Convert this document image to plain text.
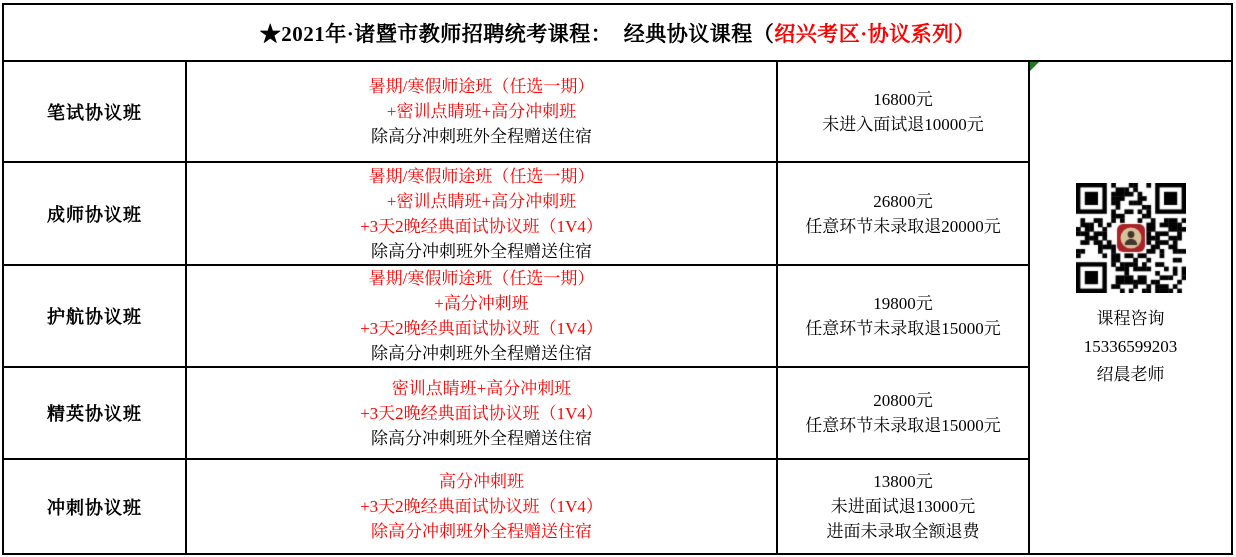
★2021年·诸暨市教师招聘统考课程：  经典协议课程（ 绍兴考区·协议系列）
笔试协议班
暑期/寒假师途班（任选一期）
+密训点睛班+高分冲刺班
除高分冲刺班外全程赠送住宿
16800元
未进入面试退10000元
成师协议班
暑期/寒假师途班（任选一期）
+密训点睛班+高分冲刺班
+3天2晚经典面试协议班（1V4）
除高分冲刺班外全程赠送住宿
26800元
任意环节未录取退20000元
护航协议班
暑期/寒假师途班（任选一期）
+高分冲刺班
+3天2晚经典面试协议班（1V4）
除高分冲刺班外全程赠送住宿
19800元
任意环节未录取退15000元
精英协议班
密训点睛班+高分冲刺班
+3天2晚经典面试协议班（1V4）
除高分冲刺班外全程赠送住宿
20800元
任意环节未录取退15000元
冲刺协议班
高分冲刺班
+3天2晚经典面试协议班（1V4）
除高分冲刺班外全程赠送住宿
13800元
未进面试退13000元
进面未录取全额退费
课程咨询
15336599203
绍晨老师
